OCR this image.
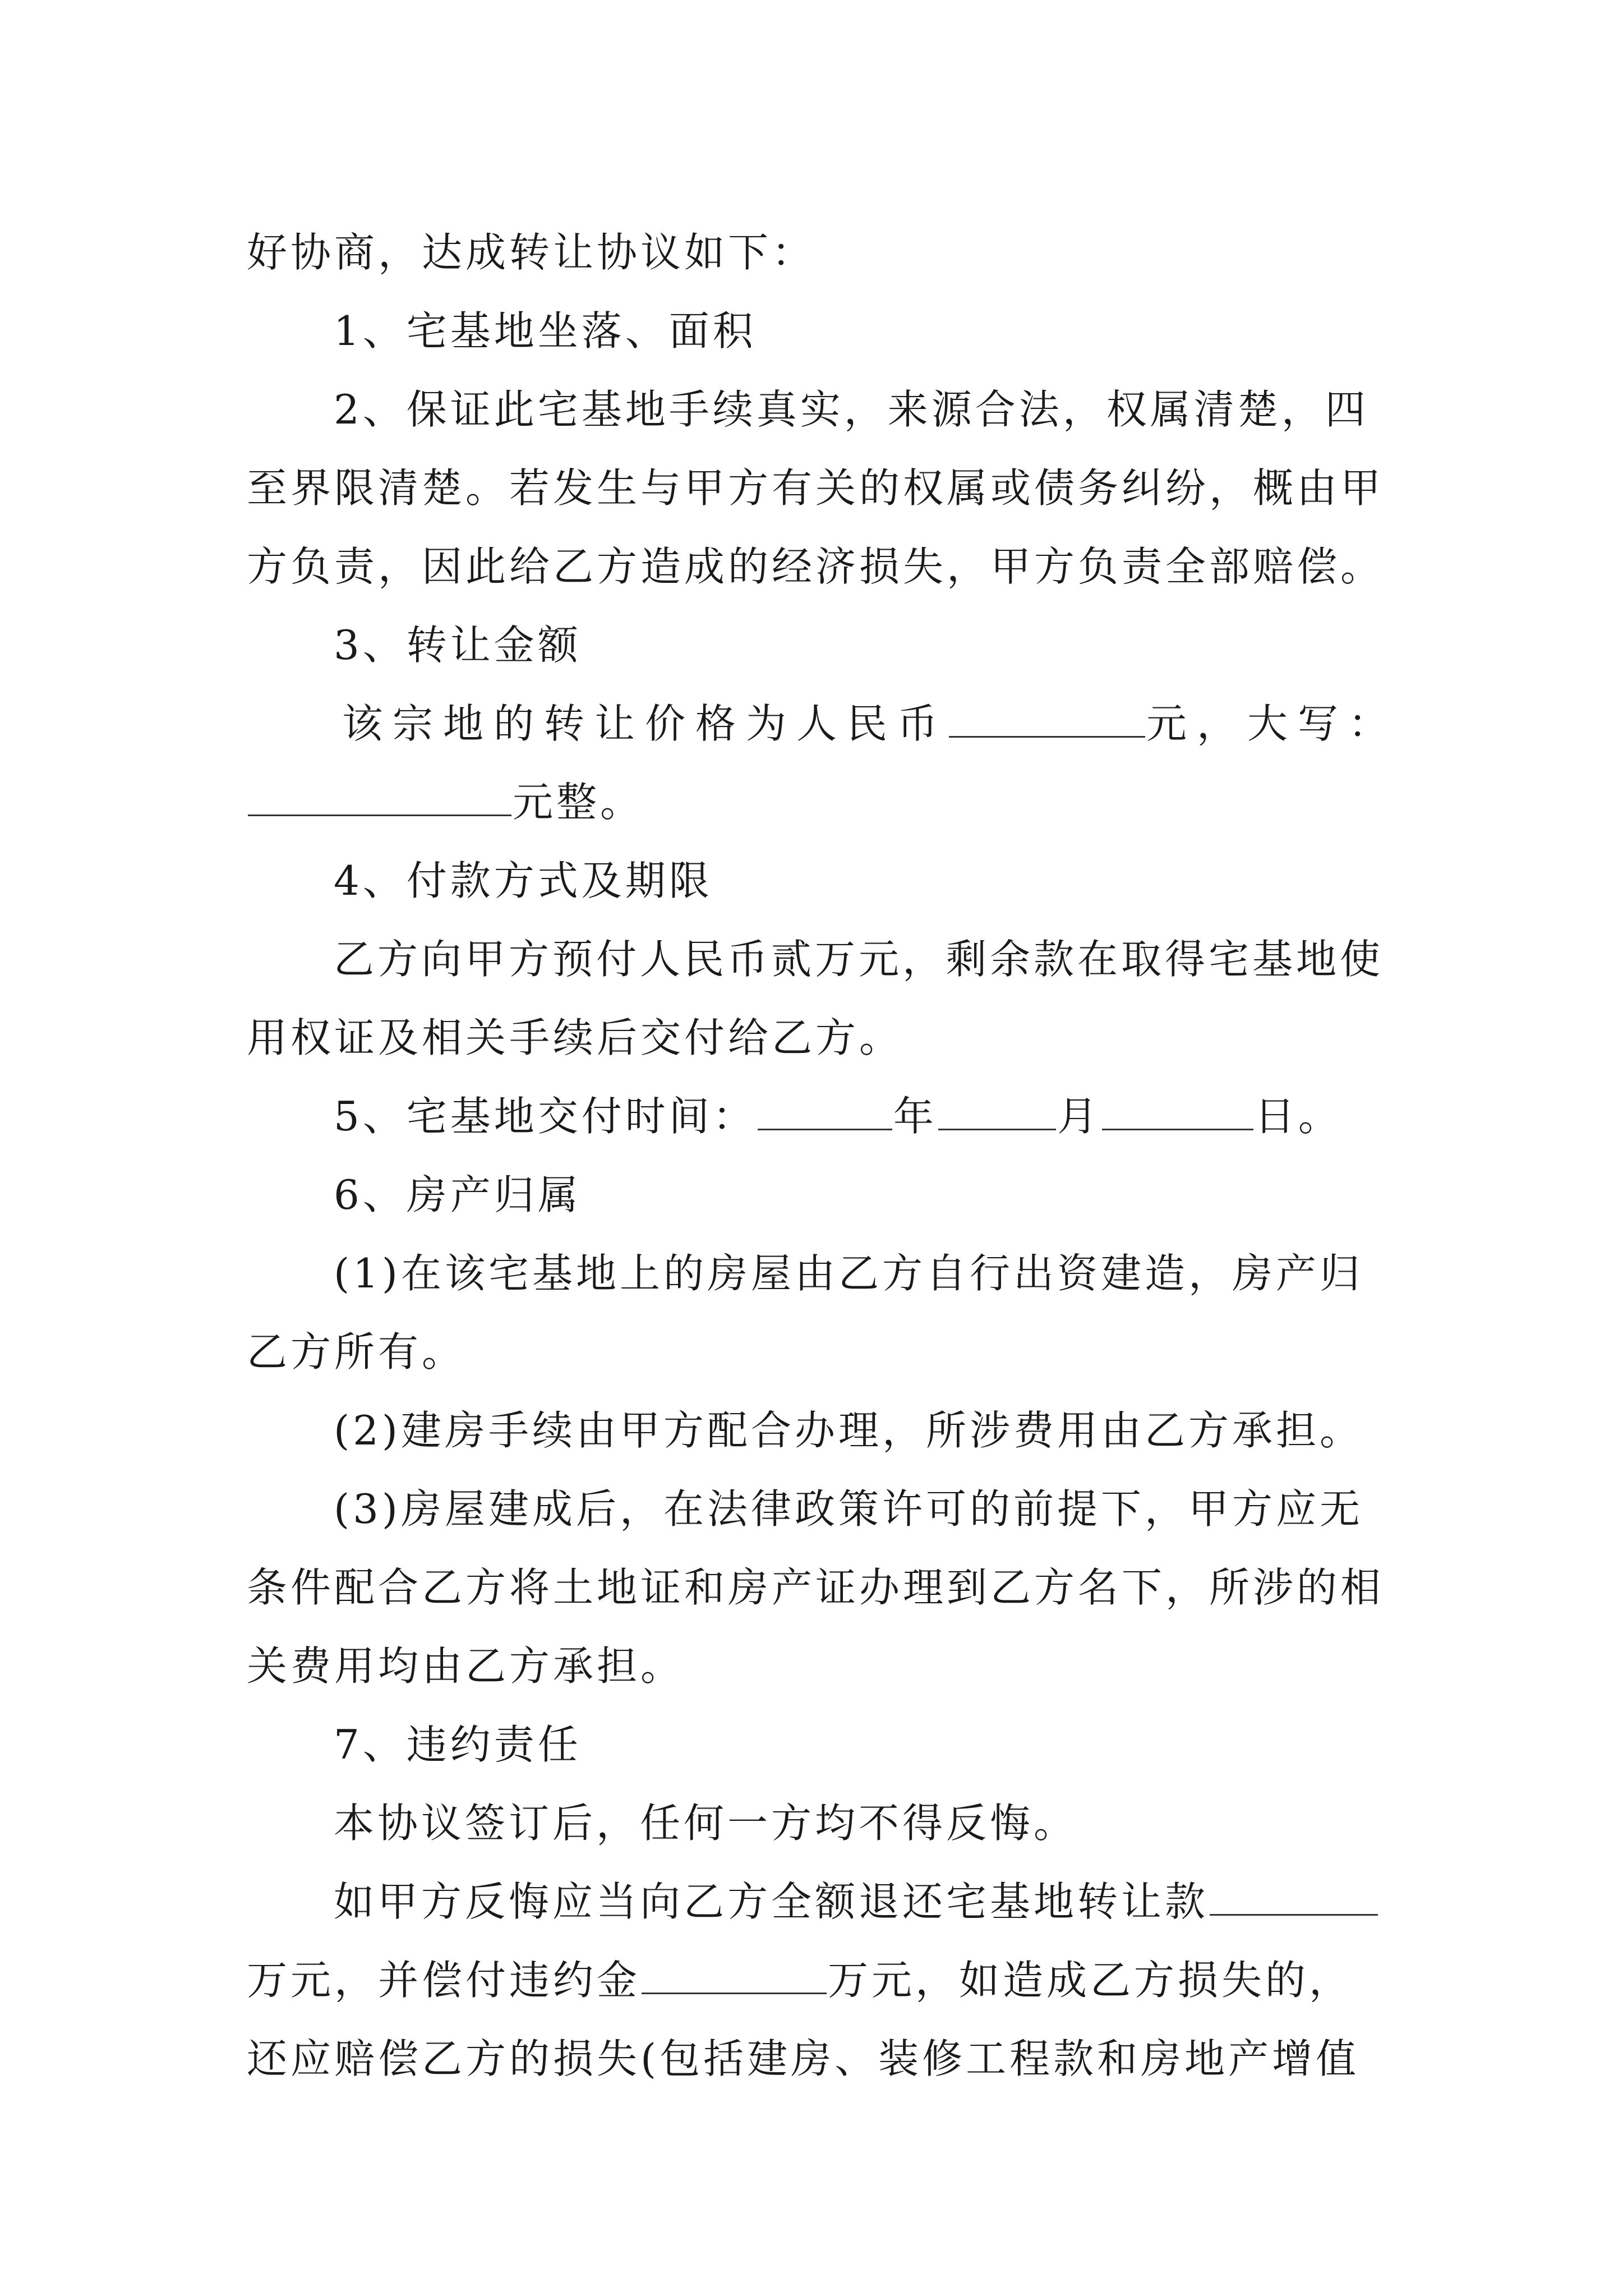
好协商，达成转让协议如下：
1、宅基地坐落、面积
2、保证此宅基地手续真实，来源合法，权属清楚，四
至界限清楚。若发生与甲方有关的权属或债务纠纷，概由甲
方负责，因此给乙方造成的经济损失，甲方负责全部赔偿。
3、转让金额
该宗地的转让价格为人民币	元，大写：
元整。
4、付款方式及期限
乙方向甲方预付人民币贰万元，剩余款在取得宅基地使
用权证及相关手续后交付给乙方。
5、宅基地交付时间：	年	月	日。
6、房产归属
(1)在该宅基地上的房屋由乙方自行出资建造，房产归
乙方所有。
(2)建房手续由甲方配合办理，所涉费用由乙方承担。
(3)房屋建成后，在法律政策许可的前提下，甲方应无
条件配合乙方将土地证和房产证办理到乙方名下，所涉的相
关费用均由乙方承担。
7、违约责任
本协议签订后，任何一方均不得反悔。
如甲方反悔应当向乙方全额退还宅基地转让款
万元，并偿付违约金	万元，如造成乙方损失的，
还应赔偿乙方的损失(包括建房、装修工程款和房地产增值
